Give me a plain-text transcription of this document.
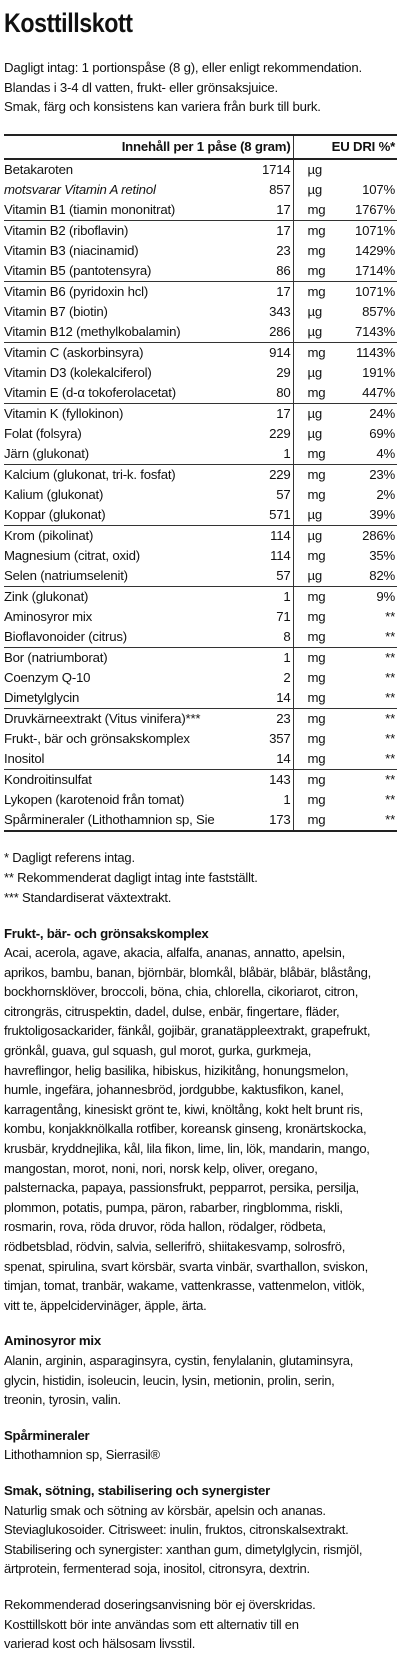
Kosttillskott
Dagligt intag: 1 portionspåse (8 g), eller enligt rekommendation.
Blandas i 3-4 dl vatten, frukt- eller grönsaksjuice.
Smak, färg och konsistens kan variera från burk till burk.
Innehåll per 1 påse (8 gram)		EU DRI %*	
Betakaroten	1714	µg	
motsvarar Vitamin A retinol	857	µg	107%
Vitamin B1 (tiamin mononitrat)	17	mg	1767%
Vitamin B2 (riboflavin)	17	mg	1071%
Vitamin B3 (niacinamid)	23	mg	1429%
Vitamin B5 (pantotensyra)	86	mg	1714%
Vitamin B6 (pyridoxin hcl)	17	mg	1071%
Vitamin B7 (biotin)	343	µg	857%
Vitamin B12 (methylkobalamin)	286	µg	7143%
Vitamin C (askorbinsyra)	914	mg	1143%
Vitamin D3 (kolekalciferol)	29	µg	191%
Vitamin E (d-α tokoferolacetat)	80	mg	447%
Vitamin K (fyllokinon)	17	µg	24%
Folat (folsyra)	229	µg	69%
Järn (glukonat)	1	mg	4%
Kalcium (glukonat, tri-k. fosfat)	229	mg	23%
Kalium (glukonat)	57	mg	2%
Koppar (glukonat)	571	µg	39%
Krom (pikolinat)	114	µg	286%
Magnesium (citrat, oxid)	114	mg	35%
Selen (natriumselenit)	57	µg	82%
Zink (glukonat)	1	mg	9%
Aminosyror mix	71	mg	**
Bioflavonoider (citrus)	8	mg	**
Bor (natriumborat)	1	mg	**
Coenzym Q-10	2	mg	**
Dimetylglycin	14	mg	**
Druvkärneextrakt (Vitus vinifera)***	23	mg	**
Frukt-, bär och grönsakskomplex	357	mg	**
Inositol	14	mg	**
Kondroitinsulfat	143	mg	**
Lykopen (karotenoid från tomat)	1	mg	**
Spårmineraler (Lithothamnion sp, Sie	173	mg	**
* Dagligt referens intag.
** Rekommenderat dagligt intag inte fastställt.
*** Standardiserat växtextrakt.
Frukt-, bär- och grönsakskomplex
Acai, acerola, agave, akacia, alfalfa, ananas, annatto, apelsin,
aprikos, bambu, banan, björnbär, blomkål, blåbär, blåbär, blåstång,
bockhornsklöver, broccoli, böna, chia, chlorella, cikoriarot, citron,
citrongräs, citruspektin, dadel, dulse, enbär, fingertare, fläder,
fruktoligosackarider, fänkål, gojibär, granatäppleextrakt, grapefrukt,
grönkål, guava, gul squash, gul morot, gurka, gurkmeja,
havreflingor, helig basilika, hibiskus, hizikitång, honungsmelon,
humle, ingefära, johannesbröd, jordgubbe, kaktusfikon, kanel,
karragentång, kinesiskt grönt te, kiwi, knöltång, kokt helt brunt ris,
kombu, konjakknölkalla rotfiber, koreansk ginseng, kronärtskocka,
krusbär, kryddnejlika, kål, lila fikon, lime, lin, lök, mandarin, mango,
mangostan, morot, noni, nori, norsk kelp, oliver, oregano,
palsternacka, papaya, passionsfrukt, pepparrot, persika, persilja,
plommon, potatis, pumpa, päron, rabarber, ringblomma, riskli,
rosmarin, rova, röda druvor, röda hallon, rödalger, rödbeta,
rödbetsblad, rödvin, salvia, sellerifrö, shiitakesvamp, solrosfrö,
spenat, spirulina, svart körsbär, svarta vinbär, svarthallon, sviskon,
timjan, tomat, tranbär, wakame, vattenkrasse, vattenmelon, vitlök,
vitt te, äppelcidervinäger, äpple, ärta.
Aminosyror mix
Alanin, arginin, asparaginsyra, cystin, fenylalanin, glutaminsyra,
glycin, histidin, isoleucin, leucin, lysin, metionin, prolin, serin,
treonin, tyrosin, valin.
Spårmineraler
Lithothamnion sp, Sierrasil®
Smak, sötning, stabilisering och synergister
Naturlig smak och sötning av körsbär, apelsin och ananas.
Steviaglukosoider. Citrisweet: inulin, fruktos, citronskalsextrakt.
Stabilisering och synergister: xanthan gum, dimetylglycin, rismjöl,
ärtprotein, fermenterad soja, inositol, citronsyra, dextrin.
Rekommenderad doseringsanvisning bör ej överskridas.
Kosttillskott bör inte användas som ett alternativ till en
varierad kost och hälsosam livsstil.
